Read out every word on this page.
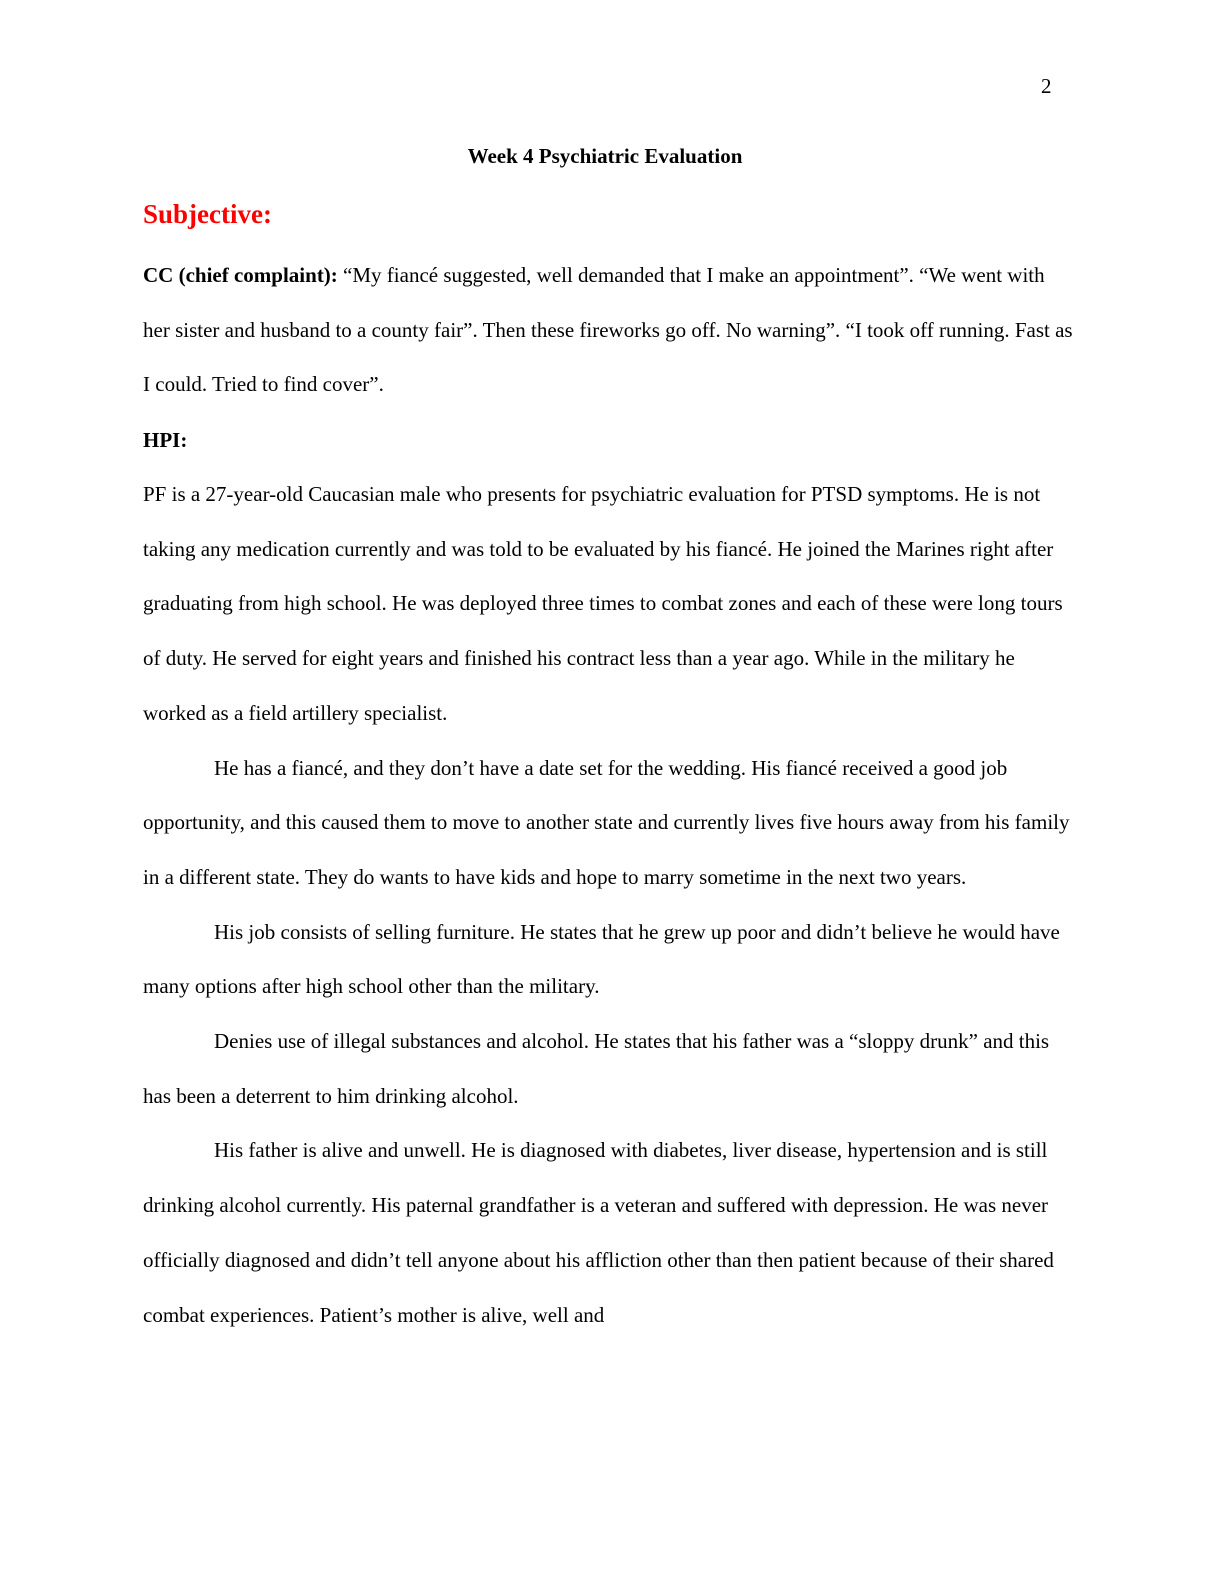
2
Week 4 Psychiatric Evaluation
Subjective:

CC (chief complaint): “My fiancé suggested, well demanded that I make an appointment”. “We went with her sister and husband to a county fair”. Then these fireworks go off. No warning”. “I took off running. Fast as I could. Tried to find cover”.

HPI:

PF is a 27-year-old Caucasian male who presents for psychiatric evaluation for PTSD symptoms. He is not taking any medication currently and was told to be evaluated by his fiancé. He joined the Marines right after graduating from high school. He was deployed three times to combat zones and each of these were long tours of duty. He served for eight years and finished his contract less than a year ago. While in the military he worked as a field artillery specialist.

He has a fiancé, and they don’t have a date set for the wedding. His fiancé received a good job opportunity, and this caused them to move to another state and currently lives five hours away from his family in a different state. They do wants to have kids and hope to marry sometime in the next two years.

His job consists of selling furniture. He states that he grew up poor and didn’t believe he would have many options after high school other than the military.

Denies use of illegal substances and alcohol. He states that his father was a “sloppy drunk” and this has been a deterrent to him drinking alcohol.

His father is alive and unwell. He is diagnosed with diabetes, liver disease, hypertension and is still drinking alcohol currently. His paternal grandfather is a veteran and suffered with depression. He was never officially diagnosed and didn’t tell anyone about his affliction other than then patient because of their shared combat experiences. Patient’s mother is alive, well and
